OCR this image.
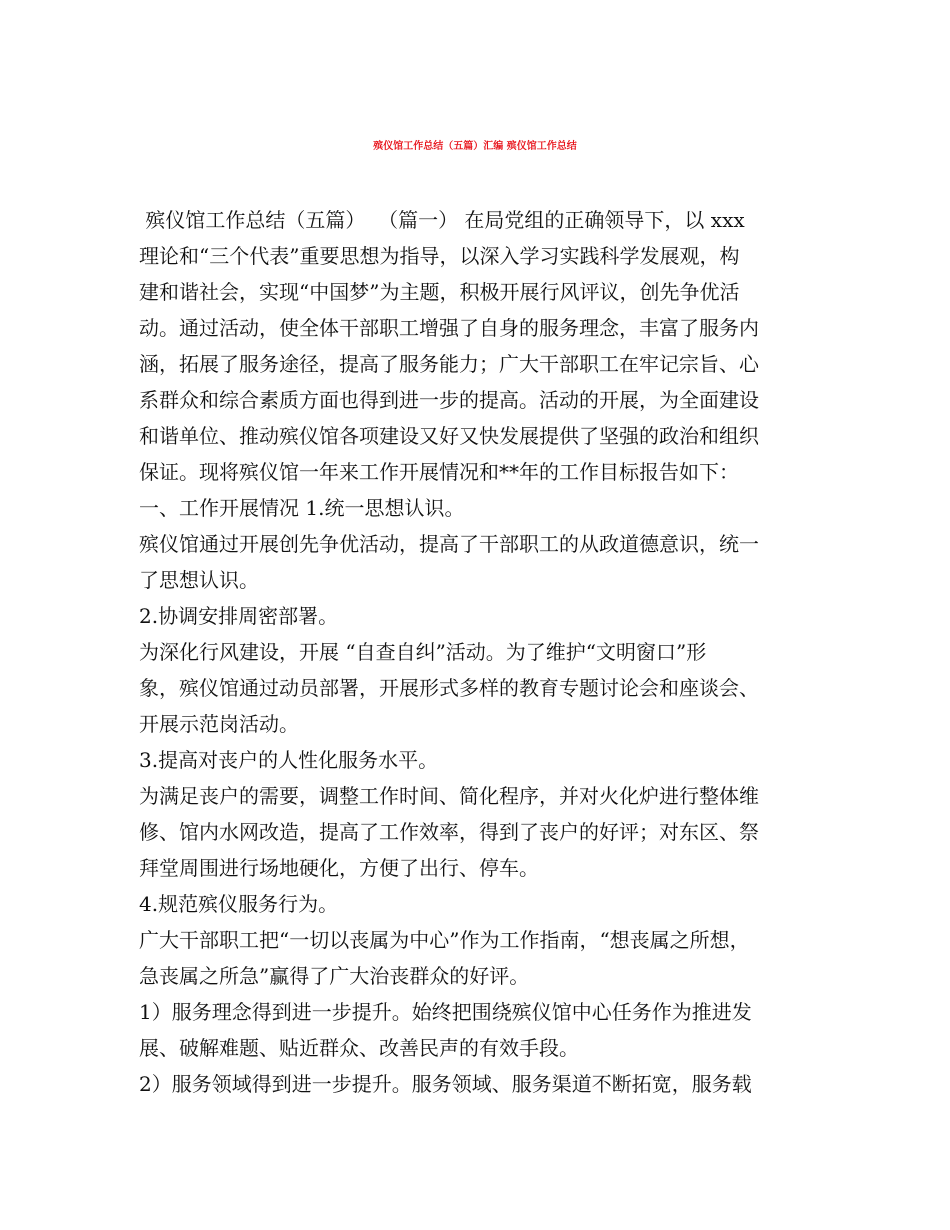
殡仪馆工作总结（五篇）汇编 殡仪馆工作总结
殡仪馆工作总结（五篇）  （篇一） 在局党组的正确领导下，以 xxx
理论和“三个代表”重要思想为指导，以深入学习实践科学发展观，构
建和谐社会，实现“中国梦”为主题，积极开展行风评议，创先争优活
动。通过活动，使全体干部职工增强了自身的服务理念，丰富了服务内
涵，拓展了服务途径，提高了服务能力；广大干部职工在牢记宗旨、心
系群众和综合素质方面也得到进一步的提高。活动的开展，为全面建设
和谐单位、推动殡仪馆各项建设又好又快发展提供了坚强的政治和组织
保证。现将殡仪馆一年来工作开展情况和**年的工作目标报告如下：
一、工作开展情况 1.统一思想认识。
殡仪馆通过开展创先争优活动，提高了干部职工的从政道德意识，统一
了思想认识。
2.协调安排周密部署。
为深化行风建设，开展 “自查自纠”活动。为了维护“文明窗口”形
象，殡仪馆通过动员部署，开展形式多样的教育专题讨论会和座谈会、
开展示范岗活动。
3.提高对丧户的人性化服务水平。
为满足丧户的需要，调整工作时间、简化程序，并对火化炉进行整体维
修、馆内水网改造，提高了工作效率，得到了丧户的好评；对东区、祭
拜堂周围进行场地硬化，方便了出行、停车。
4.规范殡仪服务行为。
广大干部职工把“一切以丧属为中心”作为工作指南，“想丧属之所想，
急丧属之所急”赢得了广大治丧群众的好评。
1）服务理念得到进一步提升。始终把围绕殡仪馆中心任务作为推进发
展、破解难题、贴近群众、改善民声的有效手段。
2）服务领域得到进一步提升。服务领域、服务渠道不断拓宽，服务载
